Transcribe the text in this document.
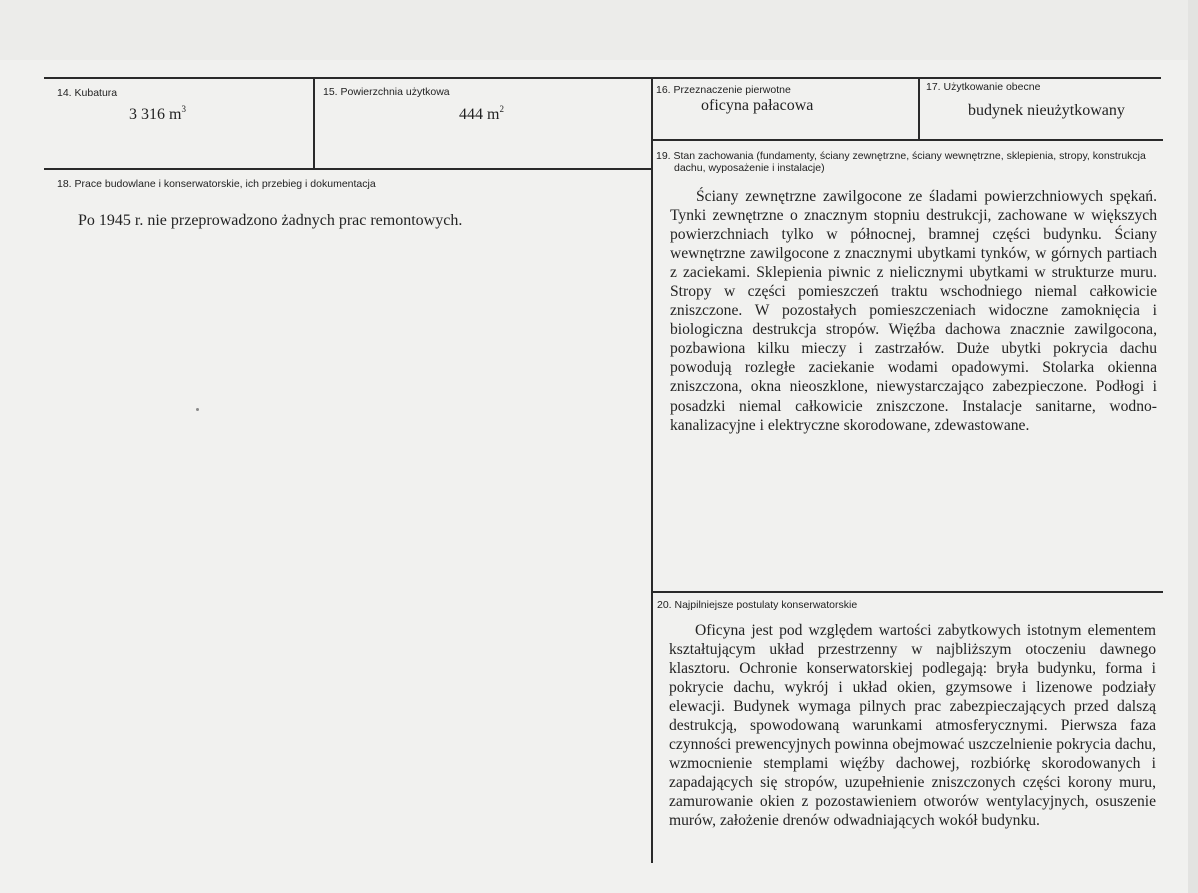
14. Kubatura
3 316 $m^3$
15. Powierzchnia użytkowa
444 $m^2$
16. Przeznaczenie pierwotne
oficyna pałacowa
17. Użytkowanie obecne
budynek nieużytkowany
18. Prace budowlane i konserwatorskie, ich przebieg i dokumentacja
Po 1945 r. nie przeprowadzono żadnych prac remontowych.
19. Stan zachowania (fundamenty, ściany zewnętrzne, ściany wewnętrzne, sklepienia, stropy, konstrukcja
dachu, wyposażenie i instalacje)
Ściany zewnętrzne zawilgocone ze śladami powierzchniowych spękań. Tynki zewnętrzne o znacznym stopniu destrukcji, zachowane w większych powierzchniach tylko w północnej, bramnej części budynku. Ściany wewnętrzne zawilgocone z znacznymi ubytkami tynków, w górnych partiach z zaciekami. Sklepienia piwnic z nielicznymi ubytkami w strukturze muru. Stropy w części pomieszczeń traktu wschodniego niemal całkowicie zniszczone. W pozostałych pomieszczeniach widoczne zamoknięcia i biologiczna destrukcja stropów. Więźba dachowa znacznie zawilgocona, pozbawiona kilku mieczy i zastrzałów. Duże ubytki pokrycia dachu powodują rozległe zaciekanie wodami opadowymi. Stolarka okienna zniszczona, okna nieoszklone, niewystarczająco zabezpieczone. Podłogi i posadzki niemal całkowicie zniszczone. Instalacje sanitarne, wodno-kanalizacyjne i elektryczne skorodowane, zdewastowane.
20. Najpilniejsze postulaty konserwatorskie
Oficyna jest pod względem wartości zabytkowych istotnym elementem kształtującym układ przestrzenny w najbliższym otoczeniu dawnego klasztoru. Ochronie konserwatorskiej podlegają: bryła budynku, forma i pokrycie dachu, wykrój i układ okien, gzymsowe i lizenowe podziały elewacji. Budynek wymaga pilnych prac zabezpieczających przed dalszą destrukcją, spowodowaną warunkami atmosferycznymi. Pierwsza faza czynności prewencyjnych powinna obejmować uszczelnienie pokrycia dachu, wzmocnienie stemplami więźby dachowej, rozbiórkę skorodowanych i zapadających się stropów, uzupełnienie zniszczonych części korony muru, zamurowanie okien z pozostawieniem otworów wentylacyjnych, osuszenie murów, założenie drenów odwadniających wokół budynku.
